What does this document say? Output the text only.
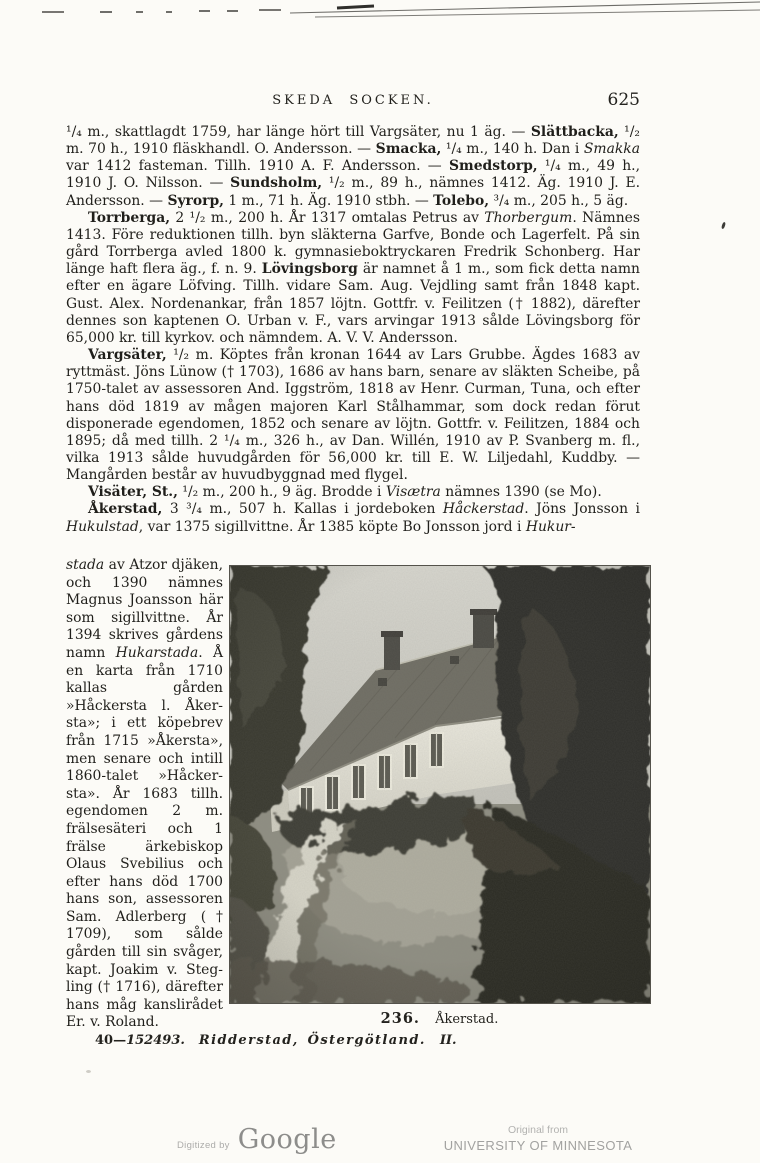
SKEDA SOCKEN.	625

¹/₄ m., skattlagdt 1759, har länge hört till Vargsäter, nu 1 äg. — Slättbacka, ¹/₂ m. 70 h., 1910 fläskhandl. O. Andersson. — Smacka, ¹/₄ m., 140 h. Dan i Smakka var 1412 fasteman. Tillh. 1910 A. F. Andersson. — Smedstorp, ¹/₄ m., 49 h., 1910 J. O. Nilsson. — Sundsholm, ¹/₂ m., 89 h., nämnes 1412. Äg. 1910 J. E. Andersson. — Syrorp, 1 m., 71 h. Äg. 1910 stbh. — Tolebo, ³/₄ m., 205 h., 5 äg.

Torrberga, 2 ¹/₂ m., 200 h. År 1317 omtalas Petrus av Thorbergum. Nämnes 1413. Före reduktionen tillh. byn släkterna Garfve, Bonde och Lagerfelt. På sin gård Torrberga avled 1800 k. gymnasieboktryckaren Fredrik Schonberg. Har länge haft flera äg., f. n. 9. Lövingsborg är namnet å 1 m., som fick detta namn efter en ägare Löfving. Tillh. vidare Sam. Aug. Vejdling samt från 1848 kapt. Gust. Alex. Nordenankar, från 1857 löjtn. Gottfr. v. Feilitzen († 1882), därefter dennes son kaptenen O. Urban v. F., vars arvingar 1913 sålde Lövingsborg för 65,000 kr. till kyrkov. och nämndem. A. V. V. Andersson.

Vargsäter, ¹/₂ m. Köptes från kronan 1644 av Lars Grubbe. Ägdes 1683 av ryttmäst. Jöns Lünow († 1703), 1686 av hans barn, senare av släkten Scheibe, på 1750-talet av assessoren And. Iggström, 1818 av Henr. Curman, Tuna, och efter hans död 1819 av mågen majoren Karl Stålhammar, som dock redan förut disponerade egendomen, 1852 och senare av löjtn. Gottfr. v. Feilitzen, 1884 och 1895; då med tillh. 2 ¹/₄ m., 326 h., av Dan. Willén, 1910 av P. Svanberg m. fl., vilka 1913 sålde huvudgården för 56,000 kr. till E. W. Liljedahl, Kuddby. — Mangården består av huvudbyggnad med flygel.

Visäter, St., ¹/₂ m., 200 h., 9 äg. Brodde i Visætra nämnes 1390 (se Mo).

Åkerstad, 3 ³/₄ m., 507 h. Kallas i jordeboken Håckerstad. Jöns Jonsson i Hukulstad, var 1375 sigillvittne. År 1385 köpte Bo Jonsson jord i Hukur-

stada av Atzor djäken, och 1390 nämnes Magnus Joansson här som sigillvittne. År 1394 skrives gårdens namn Hukarstada. Å en karta från 1710 kallas gården »Håckersta l. Åkersta»; i ett köpebrev från 1715 »Åkersta», men senare och intill 1860-talet »Håckersta». År 1683 tillh. egendomen 2 m. frälsesäteri och 1 frälse ärkebiskop Olaus Svebilius och efter hans död 1700 hans son, assessoren Sam. Adlerberg († 1709), som sålde gården till sin svåger, kapt. Joakim v. Stegling († 1716), därefter hans måg kanslirådet Er. v. Roland.	236. Åkerstad.
40—152493. Ridderstad, Östergötland. II.
Digitized by Google	Original from
UNIVERSITY OF MINNESOTA
